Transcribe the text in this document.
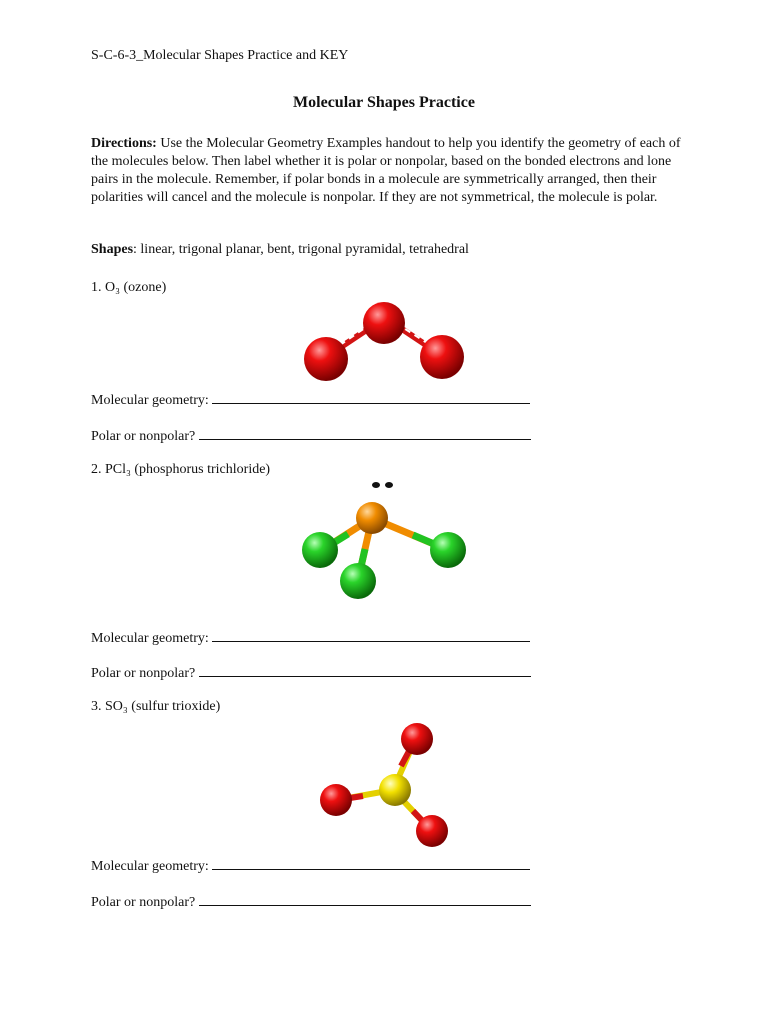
S-C-6-3_Molecular Shapes Practice and KEY
Molecular Shapes Practice
Directions: Use the Molecular Geometry Examples handout to help you identify the geometry of each of the molecules below. Then label whether it is polar or nonpolar, based on the bonded electrons and lone pairs in the molecule. Remember, if polar bonds in a molecule are symmetrically arranged, then their polarities will cancel and the molecule is nonpolar. If they are not symmetrical, the molecule is polar.
Shapes: linear, trigonal planar, bent, trigonal pyramidal, tetrahedral
1. O₃ (ozone)
Molecular geometry:
Polar or nonpolar?
2. PCl₃ (phosphorus trichloride)
Molecular geometry:
Polar or nonpolar?
3. SO₃ (sulfur trioxide)
Molecular geometry:
Polar or nonpolar?
